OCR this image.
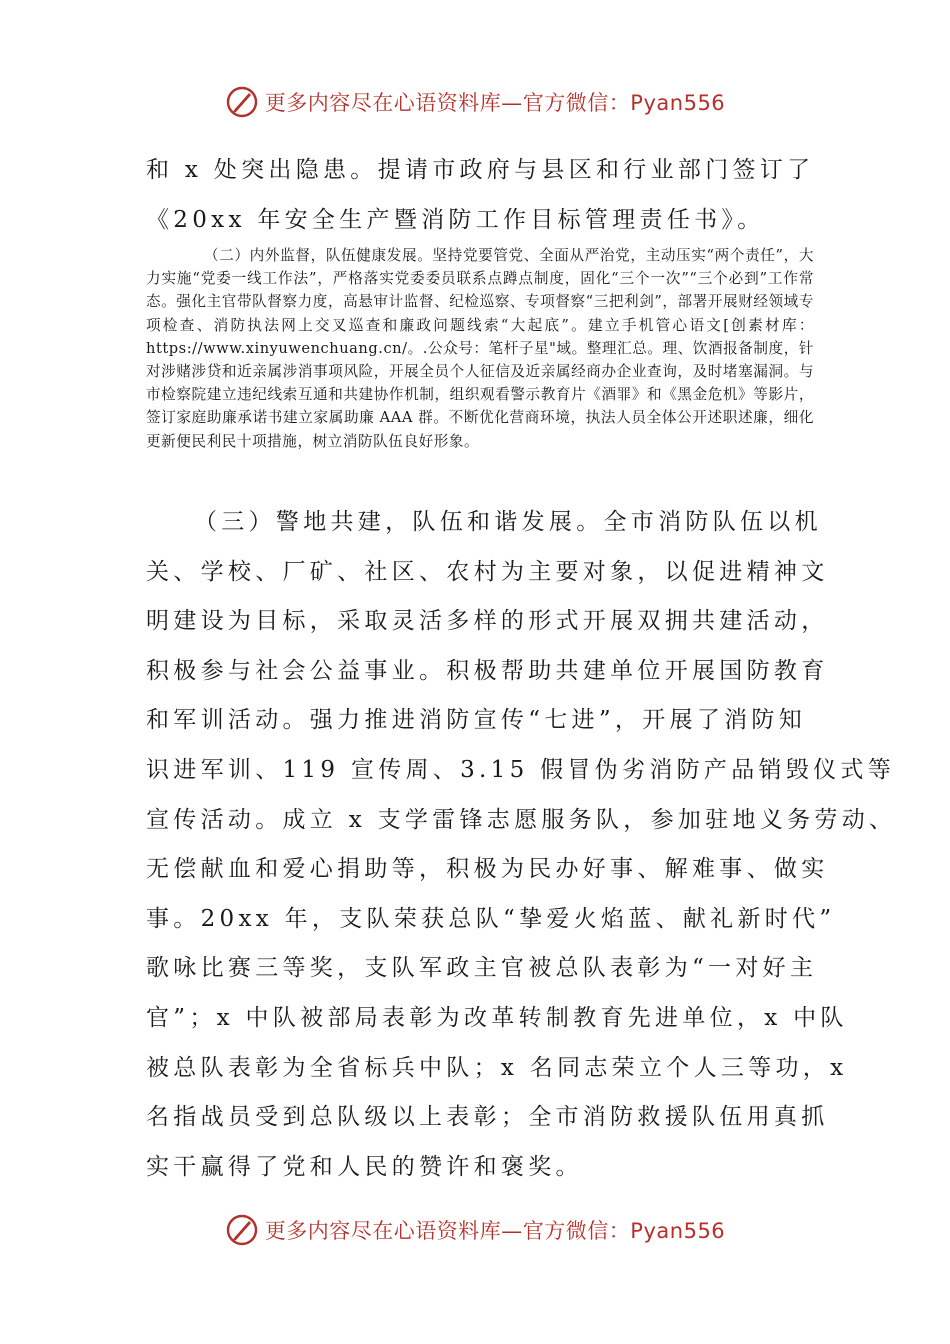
更多内容尽在心语资料库—官方微信：Pyan556
和 x 处突出隐患。提请市政府与县区和行业部门签订了
《20xx 年安全生产暨消防工作目标管理责任书》。

（二）内外监督，队伍健康发展。坚持党要管党、全面从严治党，主动压实“两个责任”，大力实施“党委一线工作法”，严格落实党委委员联系点蹲点制度，固化“三个一次”“三个必到”工作常态。强化主官带队督察力度，高悬审计监督、纪检巡察、专项督察“三把利剑”，部署开展财经领域专项检查、消防执法网上交叉巡查和廉政问题线索“大起底”。建立手机管心语文[创素材库：https://www.xinyuwenchuang.cn/。.公众号：笔杆子星"域。整理汇总。理、饮酒报备制度，针对涉赌涉贷和近亲属涉消事项风险，开展全员个人征信及近亲属经商办企业查询，及时堵塞漏洞。与市检察院建立违纪线索互通和共建协作机制，组织观看警示教育片《酒罪》和《黑金危机》等影片，签订家庭助廉承诺书建立家属助廉 AAA 群。不断优化营商环境，执法人员全体公开述职述廉，细化更新便民利民十项措施，树立消防队伍良好形象。

（三）警地共建，队伍和谐发展。全市消防队伍以机
关、学校、厂矿、社区、农村为主要对象，以促进精神文
明建设为目标，采取灵活多样的形式开展双拥共建活动，
积极参与社会公益事业。积极帮助共建单位开展国防教育
和军训活动。强力推进消防宣传“七进”，开展了消防知
识进军训、119 宣传周、3.15 假冒伪劣消防产品销毁仪式等
宣传活动。成立 x 支学雷锋志愿服务队，参加驻地义务劳动、
无偿献血和爱心捐助等，积极为民办好事、解难事、做实
事。20xx 年，支队荣获总队“挚爱火焰蓝、献礼新时代”
歌咏比赛三等奖，支队军政主官被总队表彰为“一对好主
官”；x 中队被部局表彰为改革转制教育先进单位，x 中队
被总队表彰为全省标兵中队；x 名同志荣立个人三等功，x
名指战员受到总队级以上表彰；全市消防救援队伍用真抓
实干赢得了党和人民的赞许和褒奖。
更多内容尽在心语资料库—官方微信：Pyan556
